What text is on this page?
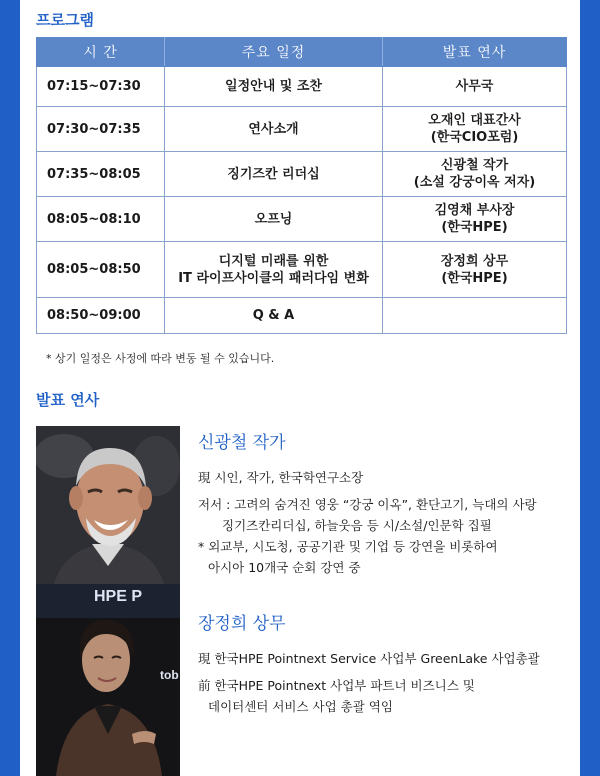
프로그램
시 간	주요 일정	발표 연사
07:15~07:30	일정안내 및 조찬	사무국
07:30~07:35	연사소개	오재인 대표간사
(한국CIO포럼)
07:35~08:05	징기즈칸 리더십	신광철 작가
(소설 강궁이옥 저자)
08:05~08:10	오프닝	김영채 부사장
(한국HPE)
08:05~08:50	디지털 미래를 위한
IT 라이프사이클의 패러다임 변화	장정희 상무
(한국HPE)
08:50~09:00	Q & A	
* 상기 일정은 사정에 따라 변동 될 수 있습니다.
발표 연사
HPE P
tob
신광철 작가
現 시인, 작가, 한국학연구소장
저서 : 고려의 숨겨진 영웅 “강궁 이옥”, 환단고기, 늑대의 사랑
징기즈칸리더십, 하늘웃음 등 시/소설/인문학 집필
* 외교부, 시도청, 공공기관 및 기업 등 강연을 비롯하여
아시아 10개국 순회 강연 중
장정희 상무
現 한국HPE Pointnext Service 사업부 GreenLake 사업총괄
前 한국HPE Pointnext 사업부 파트너 비즈니스 및
데이터센터 서비스 사업 총괄 역임
